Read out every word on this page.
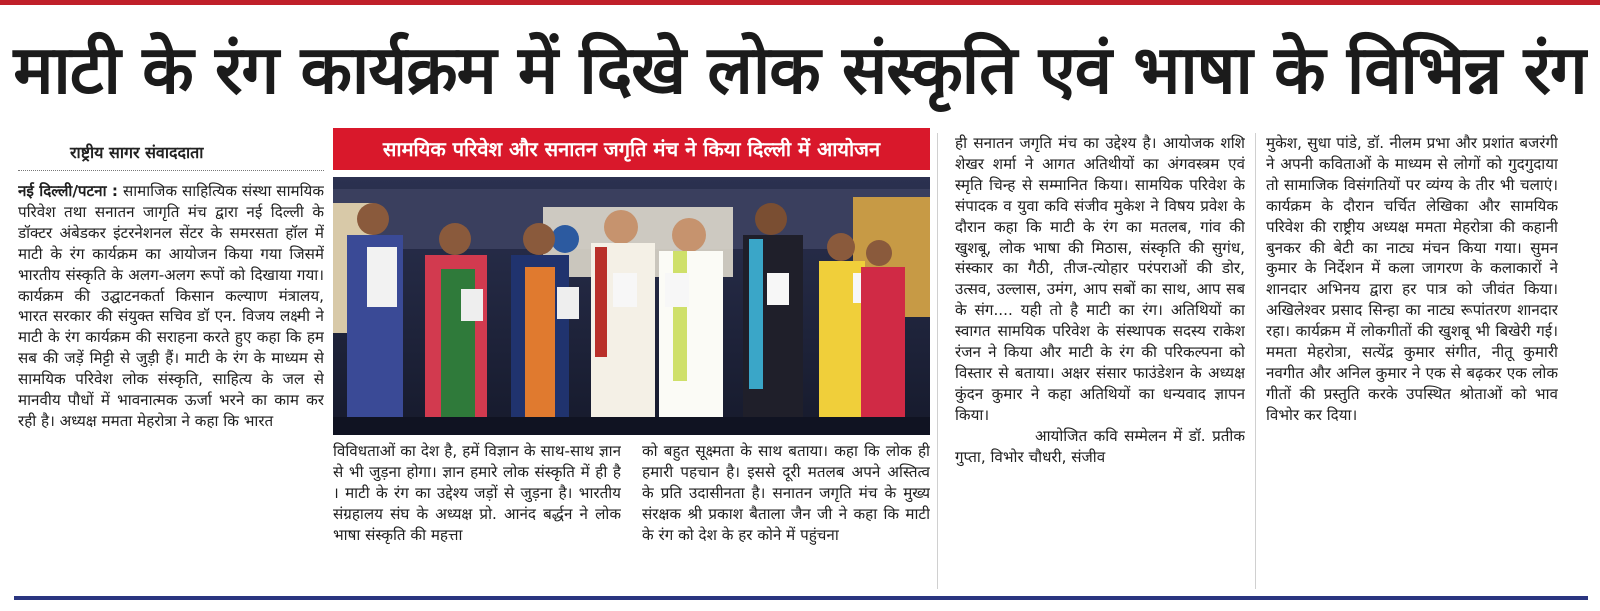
माटी के रंग कार्यक्रम में दिखे लोक संस्कृति एवं भाषा के विभिन्न रंग
राष्ट्रीय सागर संवाददाता
नई दिल्ली/पटना : सामाजिक साहित्यिक संस्था सामयिक परिवेश तथा सनातन जागृति मंच द्वारा नई दिल्ली के डॉक्टर अंबेडकर इंटरनेशनल सेंटर के समरसता हॉल में माटी के रंग कार्यक्रम का आयोजन किया गया जिसमें भारतीय संस्कृति के अलग-अलग रूपों को दिखाया गया। कार्यक्रम की उद्घाटनकर्ता किसान कल्याण मंत्रालय, भारत सरकार की संयुक्त सचिव डॉ एन. विजय लक्ष्मी ने माटी के रंग कार्यक्रम की सराहना करते हुए कहा कि हम सब की जड़ें मिट्टी से जुड़ी हैं। माटी के रंग के माध्यम से सामयिक परिवेश लोक संस्कृति, साहित्य के जल से मानवीय पौधों में भावनात्मक ऊर्जा भरने का काम कर रही है। अध्यक्ष ममता मेहरोत्रा ने कहा कि भारत
सामयिक परिवेश और सनातन जगृति मंच ने किया दिल्ली में आयोजन
विविधताओं का देश है, हमें विज्ञान के साथ-साथ ज्ञान से भी जुड़ना होगा। ज्ञान हमारे लोक संस्कृति में ही है । माटी के रंग का उद्देश्य जड़ों से जुड़ना है। भारतीय संग्रहालय संघ के अध्यक्ष प्रो. आनंद बर्द्धन ने लोक भाषा संस्कृति की महत्ता
को बहुत सूक्ष्मता के साथ बताया। कहा कि लोक ही हमारी पहचान है। इससे दूरी मतलब अपने अस्तित्व के प्रति उदासीनता है। सनातन जगृति मंच के मुख्य संरक्षक श्री प्रकाश बैताला जैन जी ने कहा कि माटी के रंग को देश के हर कोने में पहुंचना
ही सनातन जगृति मंच का उद्देश्य है। आयोजक शशि शेखर शर्मा ने आगत अतिथीयों का अंगवस्त्रम एवं स्मृति चिन्ह से सम्मानित किया। सामयिक परिवेश के संपादक व युवा कवि संजीव मुकेश ने विषय प्रवेश के दौरान कहा कि माटी के रंग का मतलब, गांव की खुशबू, लोक भाषा की मिठास, संस्कृति की सुगंध, संस्कार का गैठी, तीज-त्योहार परंपराओं की डोर, उत्सव, उल्लास, उमंग, आप सबों का साथ, आप सब के संग.... यही तो है माटी का रंग। अतिथियों का स्वागत सामयिक परिवेश के संस्थापक सदस्य राकेश रंजन ने किया और माटी के रंग की परिकल्पना को विस्तार से बताया। अक्षर संसार फाउंडेशन के अध्यक्ष कुंदन कुमार ने कहा अतिथियों का धन्यवाद ज्ञापन किया।
आयोजित कवि सम्मेलन में डॉ. प्रतीक गुप्ता, विभोर चौधरी, संजीव
मुकेश, सुधा पांडे, डॉ. नीलम प्रभा और प्रशांत बजरंगी ने अपनी कविताओं के माध्यम से लोगों को गुदगुदाया तो सामाजिक विसंगतियों पर व्यंग्य के तीर भी चलाएं। कार्यक्रम के दौरान चर्चित लेखिका और सामयिक परिवेश की राष्ट्रीय अध्यक्ष ममता मेहरोत्रा की कहानी बुनकर की बेटी का नाट्य मंचन किया गया। सुमन कुमार के निर्देशन में कला जागरण के कलाकारों ने शानदार अभिनय द्वारा हर पात्र को जीवंत किया। अखिलेश्वर प्रसाद सिन्हा का नाट्य रूपांतरण शानदार रहा। कार्यक्रम में लोकगीतों की खुशबू भी बिखेरी गई। ममता मेहरोत्रा, सत्येंद्र कुमार संगीत, नीतू कुमारी नवगीत और अनिल कुमार ने एक से बढ़कर एक लोक गीतों की प्रस्तुति करके उपस्थित श्रोताओं को भाव विभोर कर दिया।
